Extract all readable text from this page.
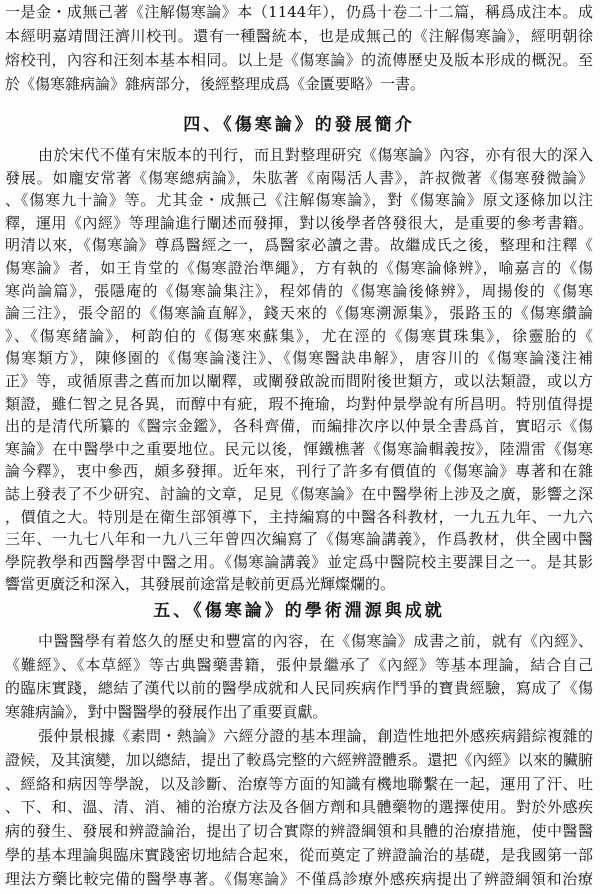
一是金・成無己著《注解傷寒論》本（1144年），仍爲十卷二十二篇，稱爲成注本。成
本經明嘉靖間汪濟川校刊。還有一種醫統本，也是成無己的《注解傷寒論》，經明朝徐
熔校刊，內容和汪刻本基本相同。以上是《傷寒論》的流傳歷史及版本形成的概況。至
於《傷寒雜病論》雜病部分，後經整理成爲《金匱要略》一書。
四、《傷寒論》的發展簡介
由於宋代不僅有宋版本的刊行，而且對整理研究《傷寒論》內容，亦有很大的深入
發展。如龐安常著《傷寒總病論》，朱肱著《南陽活人書》，許叔微著《傷寒發微論》
、《傷寒九十論》等。尤其金・成無己《注解傷寒論》，對《傷寒論》原文逐條加以注
釋，運用《內經》等理論進行闡述而發揮，對以後學者啓發很大，是重要的參考書籍。
明清以來，《傷寒論》尊爲醫經之一，爲醫家必讀之書。故繼成氏之後，整理和注釋《
傷寒論》者，如王肯堂的《傷寒證治準繩》，方有執的《傷寒論條辨》，喻嘉言的《傷
寒尚論篇》，張隱庵的《傷寒論集注》，程郊倩的《傷寒論後條辨》，周揚俊的《傷寒
論三注》，張令韶的《傷寒論直解》，錢天來的《傷寒溯源集》，張路玉的《傷寒纘論
》、《傷寒緒論》，柯韵伯的《傷寒來蘇集》，尤在涇的《傷寒貫珠集》，徐靈胎的《
傷寒類方》，陳修園的《傷寒論淺注》、《傷寒醫訣串解》，唐容川的《傷寒論淺注補
正》等，或循原書之舊而加以闡釋，或闡發啟說而間附後世類方，或以法類證，或以方
類證，雖仁智之見各異，而醇中有疵，瑕不掩瑜，均對仲景學說有所昌明。特別值得提
出的是清代所纂的《醫宗金鑑》，各科齊備，而編排次序以仲景全書爲首，實昭示《傷
寒論》在中醫學中之重要地位。民元以後，惲鐵樵著《傷寒論輯義按》，陸淵雷《傷寒
論今釋》，衷中參西，頗多發揮。近年來，刊行了許多有價值的《傷寒論》專著和在雜
誌上發表了不少研究、討論的文章，足見《傷寒論》在中醫學術上涉及之廣，影響之深
，價值之大。特別是在衛生部領導下，主持編寫的中醫各科教材，一九五九年、一九六
三年、一九七八年和一九八三年曾四次編寫了《傷寒論講義》，作爲教材，供全國中醫
學院教學和西醫學習中醫之用。《傷寒論講義》並定爲中醫院校主要課目之一。是其影
響當更廣泛和深入，其發展前途當是較前更爲光輝燦爛的。
五、《傷寒論》的學術淵源與成就
中醫醫學有着悠久的歷史和豐富的內容，在《傷寒論》成書之前，就有《內經》、
《難經》、《本草經》等古典醫藥書籍，張仲景繼承了《內經》等基本理論，結合自己
的臨床實踐，總結了漢代以前的醫學成就和人民同疾病作鬥爭的寶貴經驗，寫成了《傷
寒雜病論》，對中醫醫學的發展作出了重要貢獻。
張仲景根據《素問・熱論》六經分證的基本理論，創造性地把外感疾病錯綜複雜的
證候，及其演變，加以總結，提出了較爲完整的六經辨證體系。還把《內經》以來的臟腑
、經絡和病因等學說，以及診斷、治療等方面的知識有機地聯繫在一起，運用了汗、吐
、下、和、溫、清、消、補的治療方法及各個方劑和具體藥物的選擇使用。對於外感疾
病的發生、發展和辨證論治，提出了切合實際的辨證綱領和具體的治療措施，使中醫醫
學的基本理論與臨床實踐密切地結合起來，從而奠定了辨證論治的基礎，是我國第一部
理法方藥比較完備的醫學專著。《傷寒論》不僅爲診療外感疾病提出了辨證綱領和治療
